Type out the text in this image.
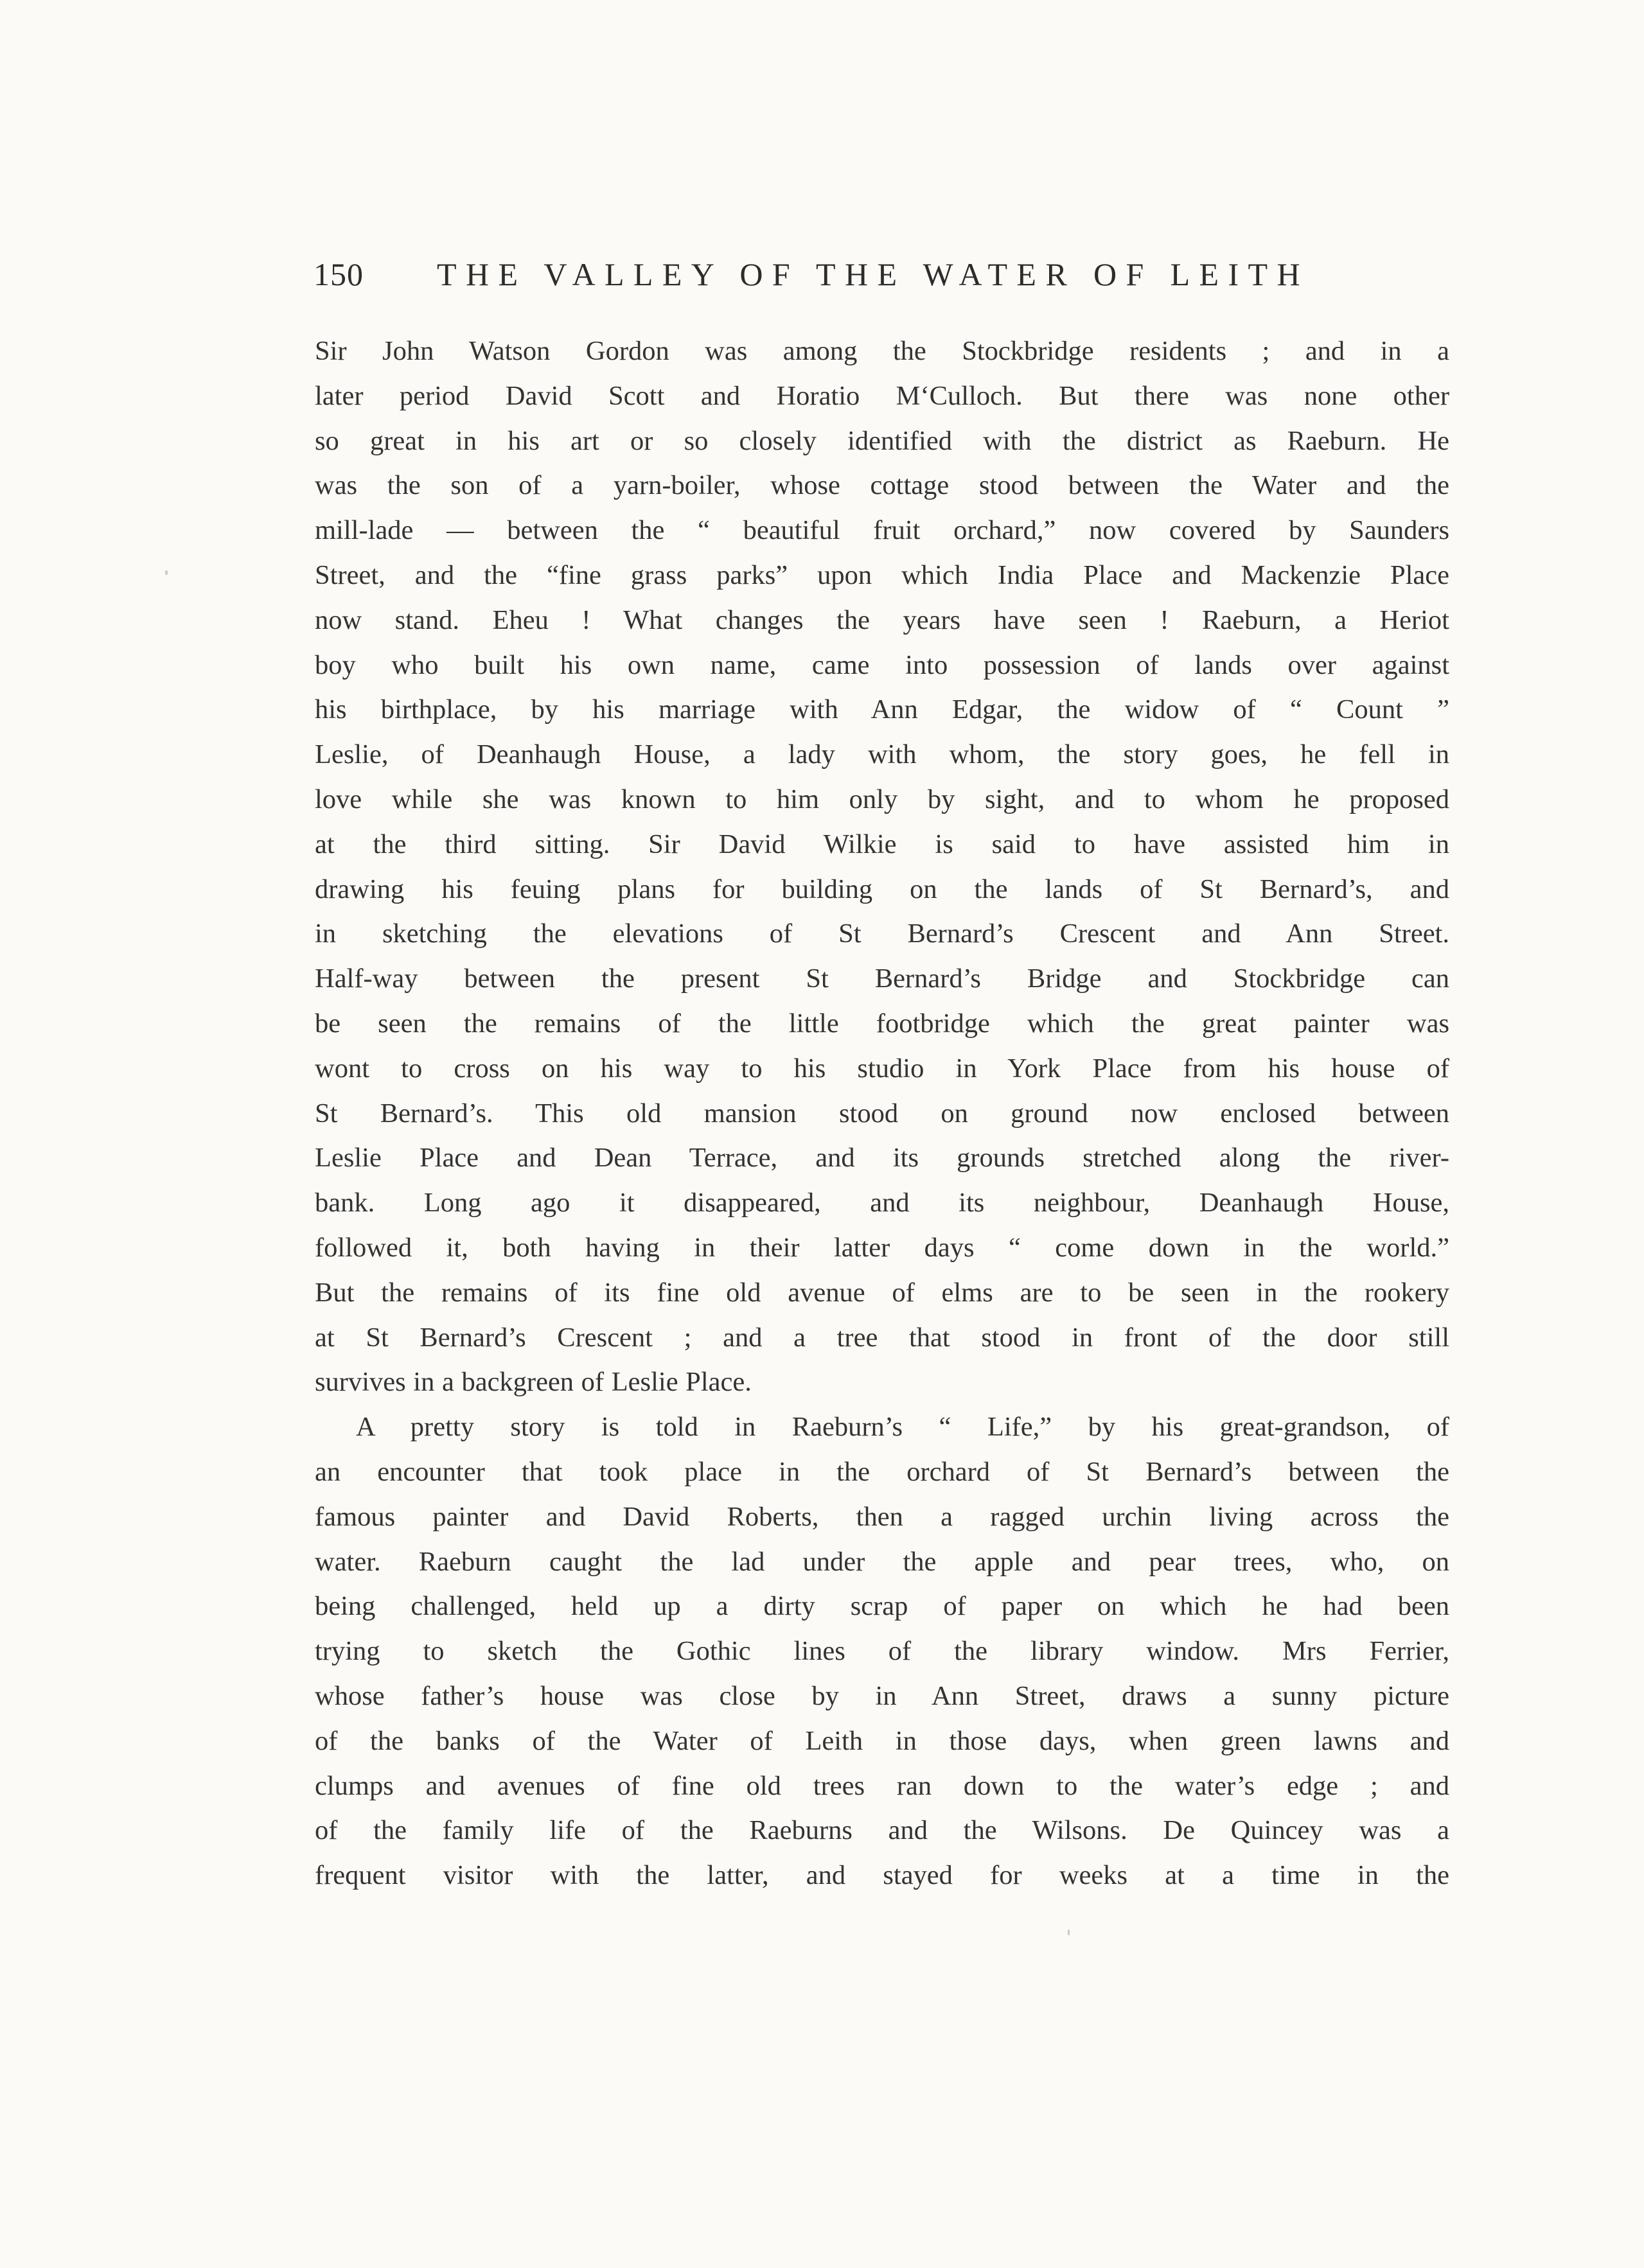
150 THE VALLEY OF THE WATER OF LEITH
Sir John Watson Gordon was among the Stockbridge residents ; and in a
later period David Scott and Horatio M‘Culloch. But there was none other
so great in his art or so closely identified with the district as Raeburn. He
was the son of a yarn-boiler, whose cottage stood between the Water and the
mill-lade — between the “ beautiful fruit orchard,” now covered by Saunders
Street, and the “fine grass parks” upon which India Place and Mackenzie Place
now stand. Eheu ! What changes the years have seen ! Raeburn, a Heriot
boy who built his own name, came into possession of lands over against
his birthplace, by his marriage with Ann Edgar, the widow of “ Count ”
Leslie, of Deanhaugh House, a lady with whom, the story goes, he fell in
love while she was known to him only by sight, and to whom he proposed
at the third sitting. Sir David Wilkie is said to have assisted him in
drawing his feuing plans for building on the lands of St Bernard’s, and
in sketching the elevations of St Bernard’s Crescent and Ann Street.
Half-way between the present St Bernard’s Bridge and Stockbridge can
be seen the remains of the little footbridge which the great painter was
wont to cross on his way to his studio in York Place from his house of
St Bernard’s. This old mansion stood on ground now enclosed between
Leslie Place and Dean Terrace, and its grounds stretched along the river-
bank. Long ago it disappeared, and its neighbour, Deanhaugh House,
followed it, both having in their latter days “ come down in the world.”
But the remains of its fine old avenue of elms are to be seen in the rookery
at St Bernard’s Crescent ; and a tree that stood in front of the door still
survives in a backgreen of Leslie Place.
A pretty story is told in Raeburn’s “ Life,” by his great-grandson, of
an encounter that took place in the orchard of St Bernard’s between the
famous painter and David Roberts, then a ragged urchin living across the
water. Raeburn caught the lad under the apple and pear trees, who, on
being challenged, held up a dirty scrap of paper on which he had been
trying to sketch the Gothic lines of the library window. Mrs Ferrier,
whose father’s house was close by in Ann Street, draws a sunny picture
of the banks of the Water of Leith in those days, when green lawns and
clumps and avenues of fine old trees ran down to the water’s edge ; and
of the family life of the Raeburns and the Wilsons. De Quincey was a
frequent visitor with the latter, and stayed for weeks at a time in the
